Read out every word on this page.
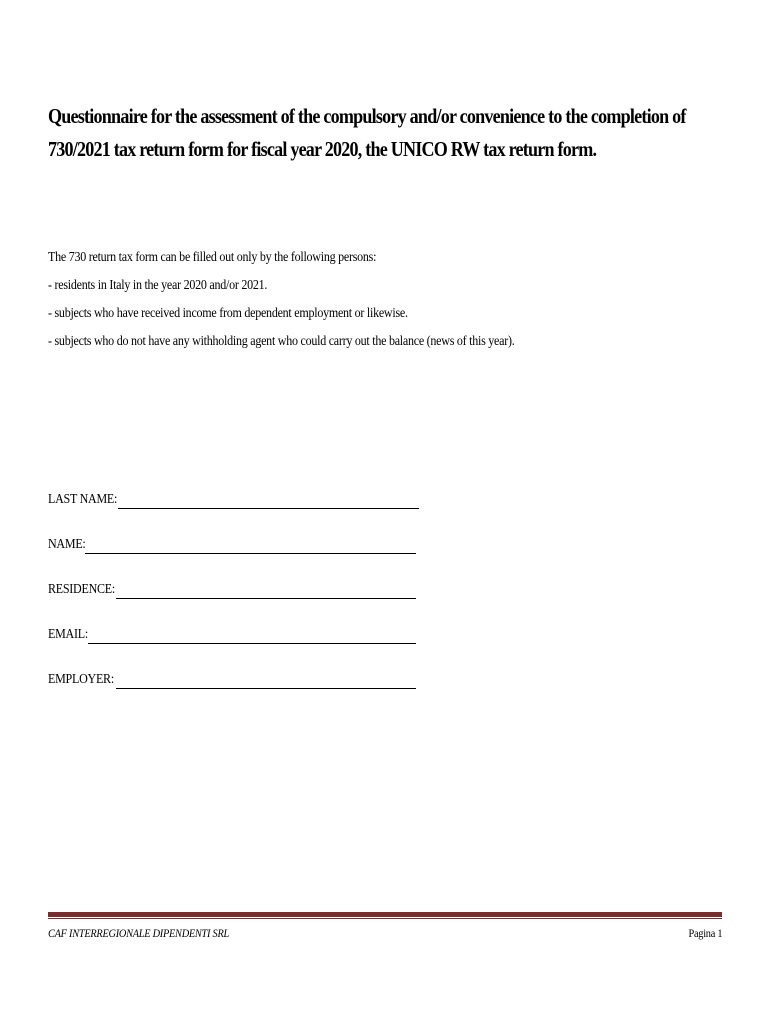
Questionnaire for the assessment of the compulsory and/or convenience to the completion of 730/2021 tax return form for fiscal year 2020, the UNICO RW tax return form.

The 730 return tax form can be filled out only by the following persons:

- residents in Italy in the year 2020 and/or 2021.

- subjects who have received income from dependent employment or likewise.

- subjects who do not have any withholding agent who could carry out the balance (news of this year).

LAST NAME:
NAME:
RESIDENCE:
EMAIL:
EMPLOYER:
CAF INTERREGIONALE DIPENDENTI SRL	Pagina 1
